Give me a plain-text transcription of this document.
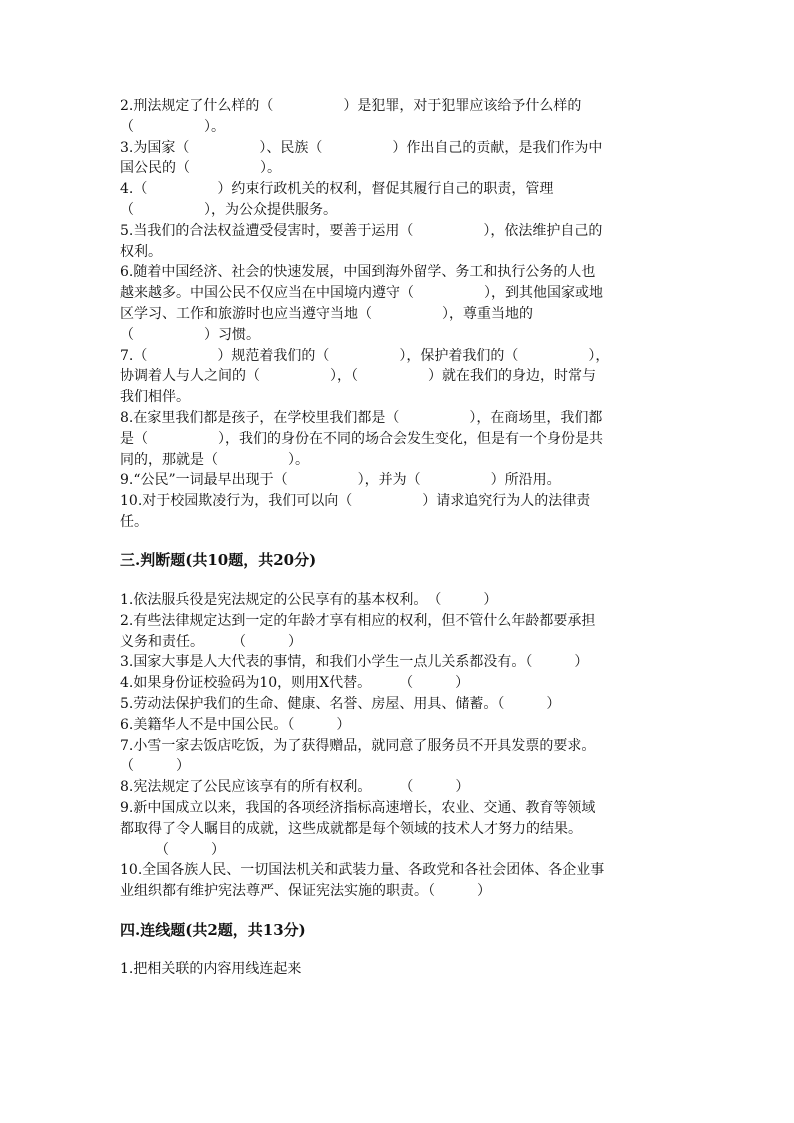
2.刑法规定了什么样的（　　　　　）是犯罪，对于犯罪应该给予什么样的
（　　　　　）。
3.为国家（　　　　　）、民族（　　　　　）作出自己的贡献，是我们作为中
国公民的（　　　　　）。
4.（　　　　　）约束行政机关的权利，督促其履行自己的职责，管理
（　　　　　），为公众提供服务。
5.当我们的合法权益遭受侵害时，要善于运用（　　　　　），依法维护自己的
权利。
6.随着中国经济、社会的快速发展，中国到海外留学、务工和执行公务的人也
越来越多。中国公民不仅应当在中国境内遵守（　　　　　），到其他国家或地
区学习、工作和旅游时也应当遵守当地（　　　　　），尊重当地的
（　　　　　）习惯。
7.（　　　　　）规范着我们的（　　　　　），保护着我们的（　　　　　），
协调着人与人之间的（　　　　　），（　　　　　）就在我们的身边，时常与
我们相伴。
8.在家里我们都是孩子，在学校里我们都是（　　　　　），在商场里，我们都
是（　　　　　），我们的身份在不同的场合会发生变化，但是有一个身份是共
同的，那就是（　　　　　）。
9.“公民”一词最早出现于（　　　　　），并为（　　　　　）所沿用。
10.对于校园欺凌行为，我们可以向（　　　　　）请求追究行为人的法律责
任。
三.判断题(共10题，共20分)
1.依法服兵役是宪法规定的公民享有的基本权利。　（　　　）
2.有些法律规定达到一定的年龄才享有相应的权利，但不管什么年龄都要承担
义务和责任。　　　（　　　）
3.国家大事是人大代表的事情，和我们小学生一点儿关系都没有。（　　　）
4.如果身份证校验码为10，则用X代替。　　　（　　　）
5.劳动法保护我们的生命、健康、名誉、房屋、用具、储蓄。（　　　）
6.美籍华人不是中国公民。（　　　）
7.小雪一家去饭店吃饭，为了获得赠品，就同意了服务员不开具发票的要求。
（　　　）
8.宪法规定了公民应该享有的所有权利。　　　（　　　）
9.新中国成立以来，我国的各项经济指标高速增长，农业、交通、教育等领域
都取得了令人瞩目的成就，这些成就都是每个领域的技术人才努力的结果。
　　　（　　　）
10.全国各族人民、一切国法机关和武装力量、各政党和各社会团体、各企业事
业组织都有维护宪法尊严、保证宪法实施的职责。（　　　）
四.连线题(共2题，共13分)
1.把相关联的内容用线连起来
